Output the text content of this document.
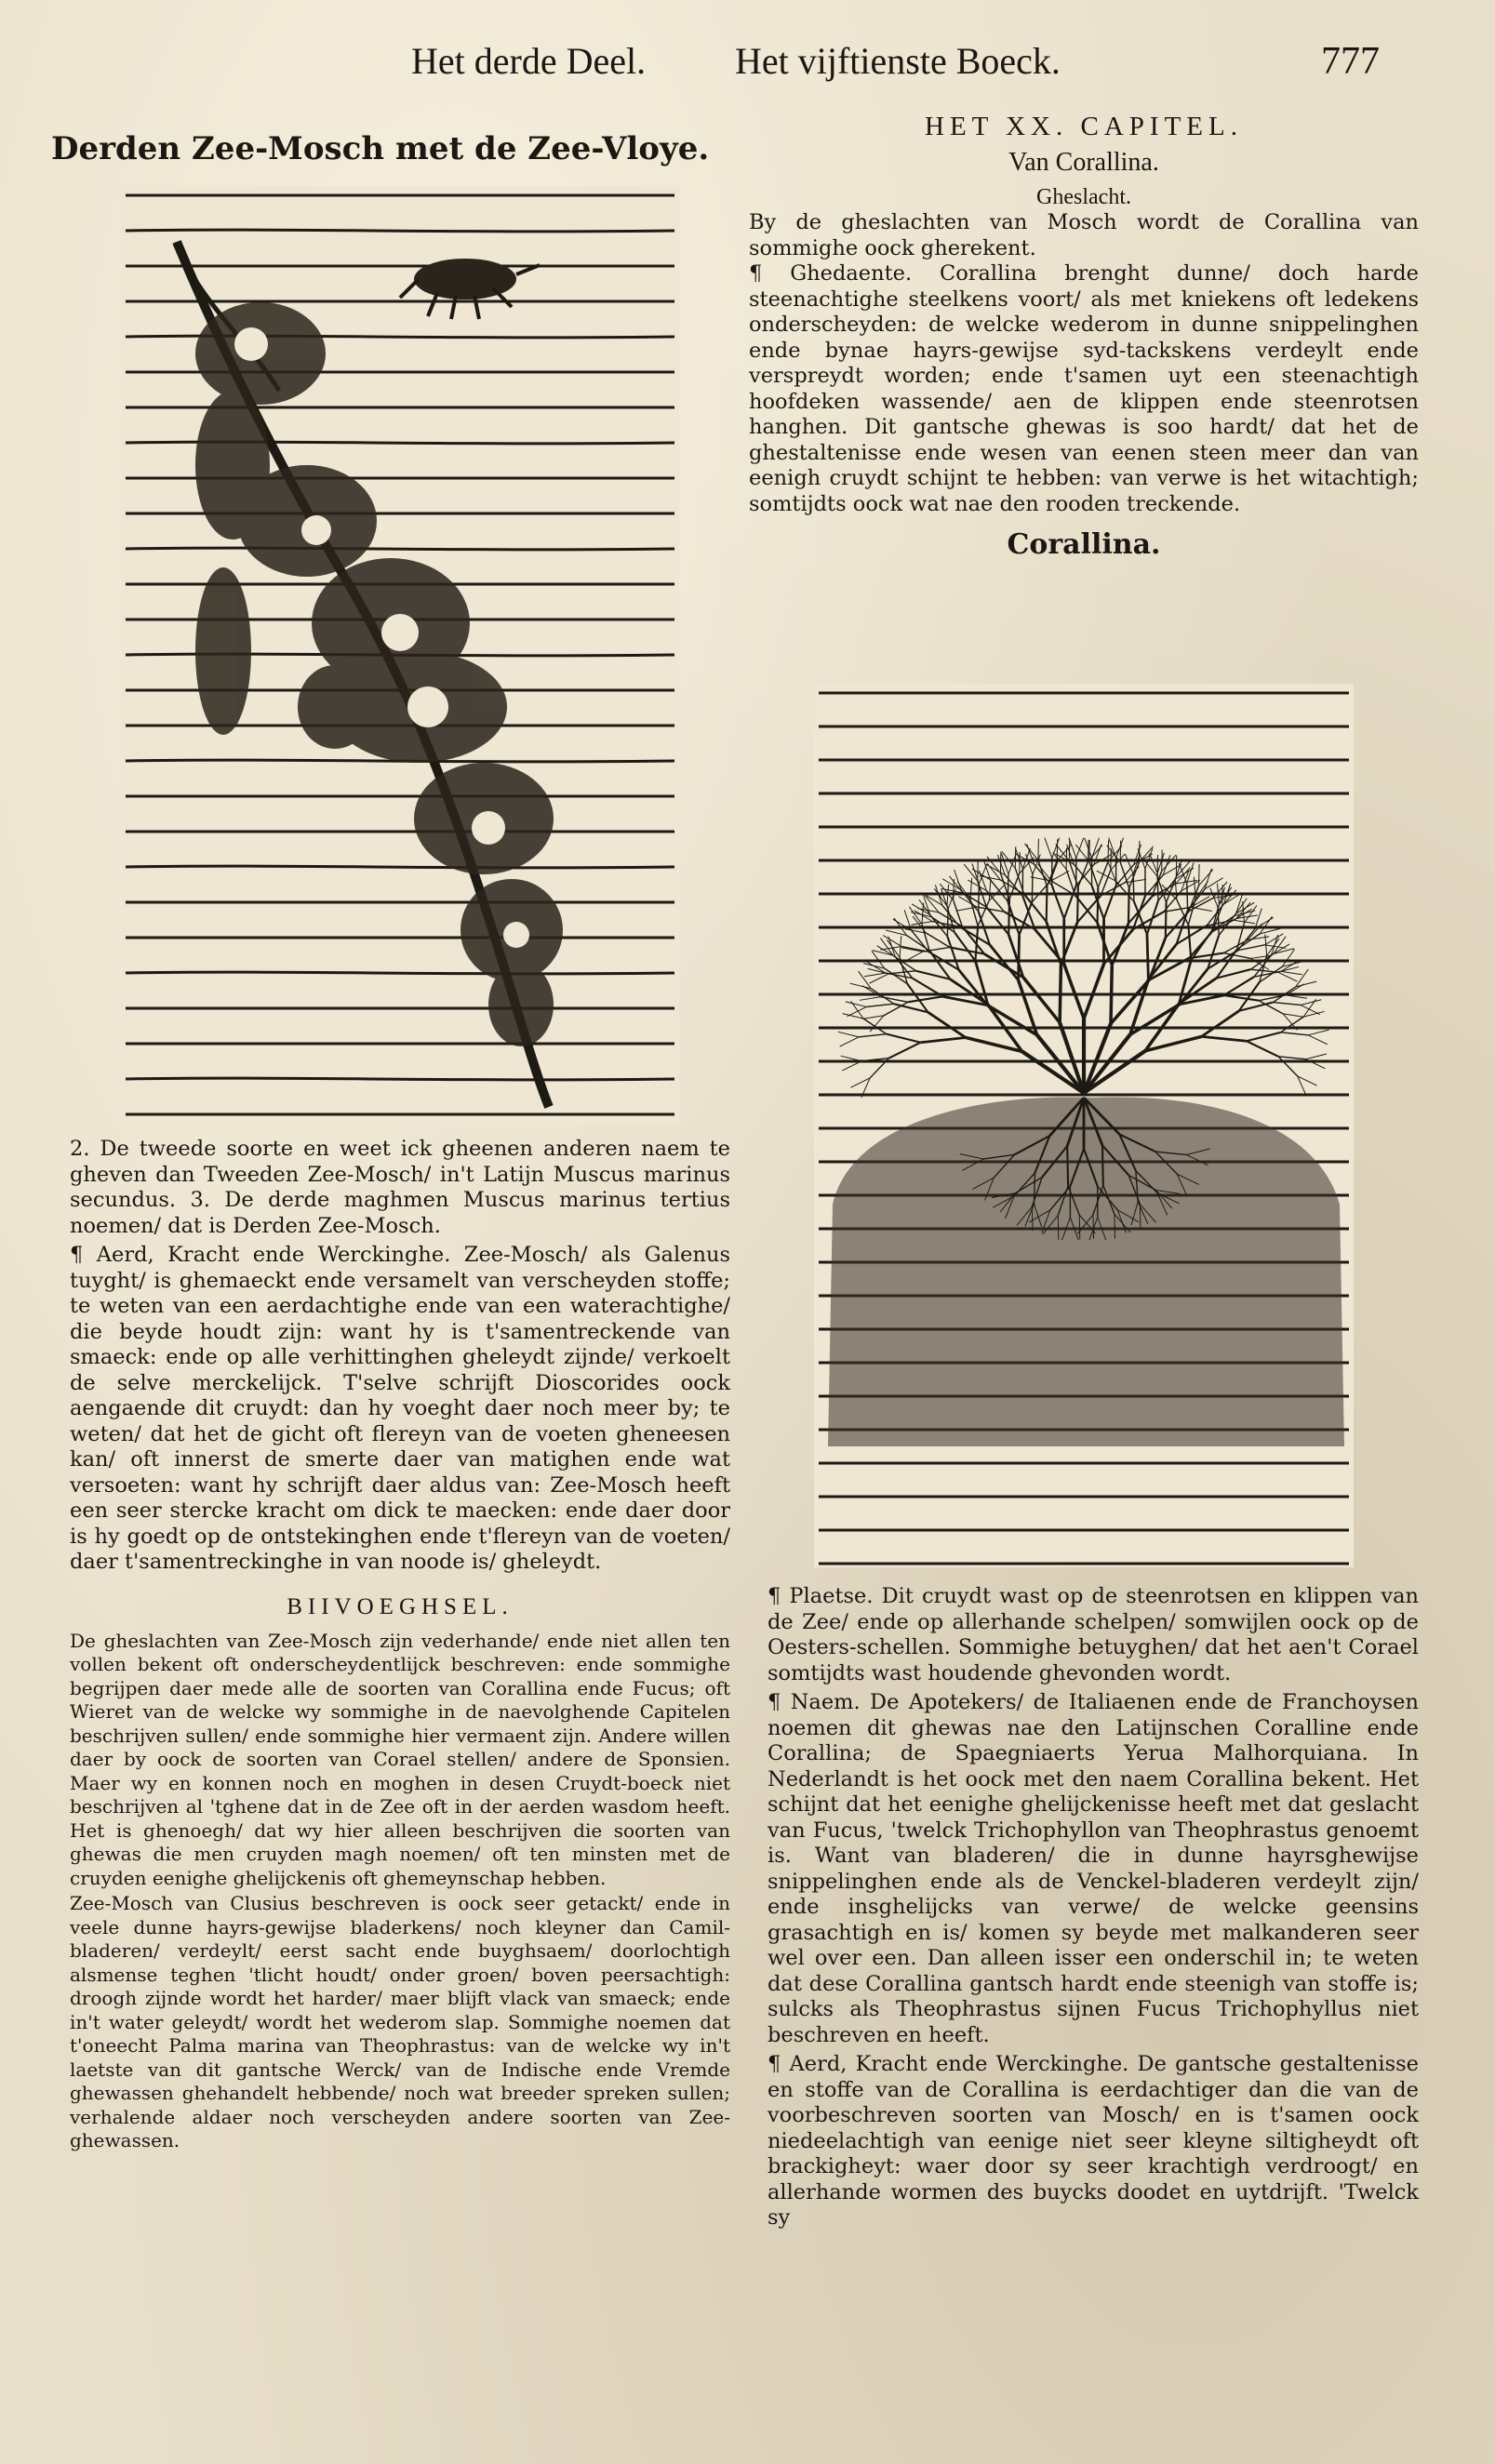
Het derde Deel. Het vijftienste Boeck.	777
Derden Zee-Mosch met de Zee-Vloye.

2. De tweede soorte en weet ick gheenen anderen naem te gheven dan Tweeden Zee-Mosch/ in't Latijn Muscus marinus secundus. 3. De derde maghmen Muscus marinus tertius noemen/ dat is Derden Zee-Mosch.

¶ Aerd, Kracht ende Werckinghe. Zee-Mosch/ als Galenus tuyght/ is ghemaeckt ende versamelt van verscheyden stoffe; te weten van een aerdachtighe ende van een waterachtighe/ die beyde houdt zijn: want hy is t'samentreckende van smaeck: ende op alle verhittinghen gheleydt zijnde/ verkoelt de selve merckelijck. T'selve schrijft Dioscorides oock aengaende dit cruydt: dan hy voeght daer noch meer by; te weten/ dat het de gicht oft flereyn van de voeten gheneesen kan/ oft innerst de smerte daer van matighen ende wat versoeten: want hy schrijft daer aldus van: Zee-Mosch heeft een seer stercke kracht om dick te maecken: ende daer door is hy goedt op de ontstekinghen ende t'flereyn van de voeten/ daer t'samentreckinghe in van noode is/ gheleydt.

BIIVOEGHSEL.

De gheslachten van Zee-Mosch zijn vederhande/ ende niet allen ten vollen bekent oft onderscheydentlijck beschreven: ende sommighe begrijpen daer mede alle de soorten van Corallina ende Fucus; oft Wieret van de welcke wy sommighe in de naevolghende Capitelen beschrijven sullen/ ende sommighe hier vermaent zijn. Andere willen daer by oock de soorten van Corael stellen/ andere de Sponsien. Maer wy en konnen noch en moghen in desen Cruydt-boeck niet beschrijven al 'tghene dat in de Zee oft in der aerden wasdom heeft. Het is ghenoegh/ dat wy hier alleen beschrijven die soorten van ghewas die men cruyden magh noemen/ oft ten minsten met de cruyden eenighe ghelijckenis oft ghemeynschap hebben.

Zee-Mosch van Clusius beschreven is oock seer getackt/ ende in veele dunne hayrs-gewijse bladerkens/ noch kleyner dan Camil-bladeren/ verdeylt/ eerst sacht ende buyghsaem/ doorlochtigh alsmense teghen 'tlicht houdt/ onder groen/ boven peersachtigh: droogh zijnde wordt het harder/ maer blijft vlack van smaeck; ende in't water geleydt/ wordt het wederom slap. Sommighe noemen dat t'oneecht Palma marina van Theophrastus: van de welcke wy in't laetste van dit gantsche Werck/ van de Indische ende Vremde ghewassen ghehandelt hebbende/ noch wat breeder spreken sullen; verhalende aldaer noch verscheyden andere soorten van Zee-ghewassen.

HET XX. CAPITEL.
Van Corallina.
Gheslacht.

By de gheslachten van Mosch wordt de Corallina van sommighe oock gherekent.

¶ Ghedaente. Corallina brenght dunne/ doch harde steenachtighe steelkens voort/ als met kniekens oft ledekens onderscheyden: de welcke wederom in dunne snippelinghen ende bynae hayrs-gewijse syd-tackskens verdeylt ende verspreydt worden; ende t'samen uyt een steenachtigh hoofdeken wassende/ aen de klippen ende steenrotsen hanghen. Dit gantsche ghewas is soo hardt/ dat het de ghestaltenisse ende wesen van eenen steen meer dan van eenigh cruydt schijnt te hebben: van verwe is het witachtigh; somtijdts oock wat nae den rooden treckende.

Corallina.

¶ Plaetse. Dit cruydt wast op de steenrotsen en klippen van de Zee/ ende op allerhande schelpen/ somwijlen oock op de Oesters-schellen. Sommighe betuyghen/ dat het aen't Corael somtijdts wast houdende ghevonden wordt.

¶ Naem. De Apotekers/ de Italiaenen ende de Franchoysen noemen dit ghewas nae den Latijnschen Coralline ende Corallina; de Spaegniaerts Yerua Malhorquiana. In Nederlandt is het oock met den naem Corallina bekent. Het schijnt dat het eenighe ghelijckenisse heeft met dat geslacht van Fucus, 'twelck Trichophyllon van Theophrastus genoemt is. Want van bladeren/ die in dunne hayrsghewijse snippelinghen ende als de Venckel-bladeren verdeylt zijn/ ende insghelijcks van verwe/ de welcke geensins grasachtigh en is/ komen sy beyde met malkanderen seer wel over een. Dan alleen isser een onderschil in; te weten dat dese Corallina gantsch hardt ende steenigh van stoffe is; sulcks als Theophrastus sijnen Fucus Trichophyllus niet beschreven en heeft.

¶ Aerd, Kracht ende Werckinghe. De gantsche gestaltenisse en stoffe van de Corallina is eerdachtiger dan die van de voorbeschreven soorten van Mosch/ en is t'samen oock niedeelachtigh van eenige niet seer kleyne siltigheydt oft brackigheyt: waer door sy seer krachtigh verdroogt/ en allerhande wormen des buycks doodet en uytdrijft. 'Twelck sy
